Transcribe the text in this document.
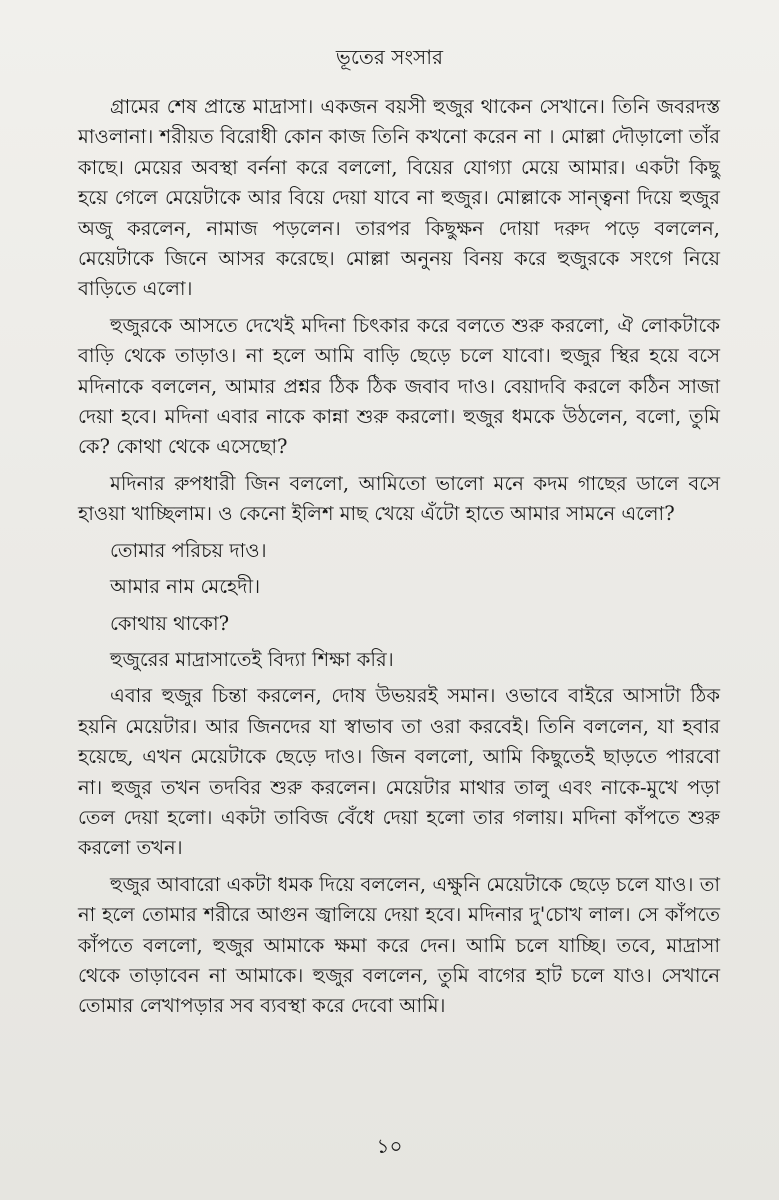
ভূতের সংসার

গ্রামের শেষ প্রান্তে মাদ্রাসা। একজন বয়সী হুজুর থাকেন সেখানে। তিনি জবরদস্ত মাওলানা। শরীয়ত বিরোধী কোন কাজ তিনি কখনো করেন না । মোল্লা দৌড়ালো তাঁর কাছে। মেয়ের অবস্থা বর্ননা করে বললো, বিয়ের যোগ্যা মেয়ে আমার। একটা কিছু হয়ে গেলে মেয়েটাকে আর বিয়ে দেয়া যাবে না হুজুর। মোল্লাকে সান্ত্বনা দিয়ে হুজুর অজু করলেন, নামাজ পড়লেন। তারপর কিছুক্ষন দোয়া দরুদ পড়ে বললেন, মেয়েটাকে জিনে আসর করেছে। মোল্লা অনুনয় বিনয় করে হুজুরকে সংগে নিয়ে বাড়িতে এলো।

হুজুরকে আসতে দেখেই মদিনা চিৎকার করে বলতে শুরু করলো, ঐ লোকটাকে বাড়ি থেকে তাড়াও। না হলে আমি বাড়ি ছেড়ে চলে যাবো। হুজুর স্থির হয়ে বসে মদিনাকে বললেন, আমার প্রশ্নর ঠিক ঠিক জবাব দাও। বেয়াদবি করলে কঠিন সাজা দেয়া হবে। মদিনা এবার নাকে কান্না শুরু করলো। হুজুর ধমকে উঠলেন, বলো, তুমি কে? কোথা থেকে এসেছো?

মদিনার রুপধারী জিন বললো, আমিতো ভালো মনে কদম গাছের ডালে বসে হাওয়া খাচ্ছিলাম। ও কেনো ইলিশ মাছ খেয়ে এঁটো হাতে আমার সামনে এলো?

তোমার পরিচয় দাও।

আমার নাম মেহেদী।

কোথায় থাকো?

হুজুরের মাদ্রাসাতেই বিদ্যা শিক্ষা করি।

এবার হুজুর চিন্তা করলেন, দোষ উভয়রই সমান। ওভাবে বাইরে আসাটা ঠিক হয়নি মেয়েটার। আর জিনদের যা স্বাভাব তা ওরা করবেই। তিনি বললেন, যা হবার হয়েছে, এখন মেয়েটাকে ছেড়ে দাও। জিন বললো, আমি কিছুতেই ছাড়তে পারবো না। হুজুর তখন তদবির শুরু করলেন। মেয়েটার মাথার তালু এবং নাকে-মুখে পড়া তেল দেয়া হলো। একটা তাবিজ বেঁধে দেয়া হলো তার গলায়। মদিনা কাঁপতে শুরু করলো তখন।

হুজুর আবারো একটা ধমক দিয়ে বললেন, এক্ষুনি মেয়েটাকে ছেড়ে চলে যাও। তা না হলে তোমার শরীরে আগুন জ্বালিয়ে দেয়া হবে। মদিনার দু'চোখ লাল। সে কাঁপতে কাঁপতে বললো, হুজুর আমাকে ক্ষমা করে দেন। আমি চলে যাচ্ছি। তবে, মাদ্রাসা থেকে তাড়াবেন না আমাকে। হুজুর বললেন, তুমি বাগের হাট চলে যাও। সেখানে তোমার লেখাপড়ার সব ব্যবস্থা করে দেবো আমি।

১০
